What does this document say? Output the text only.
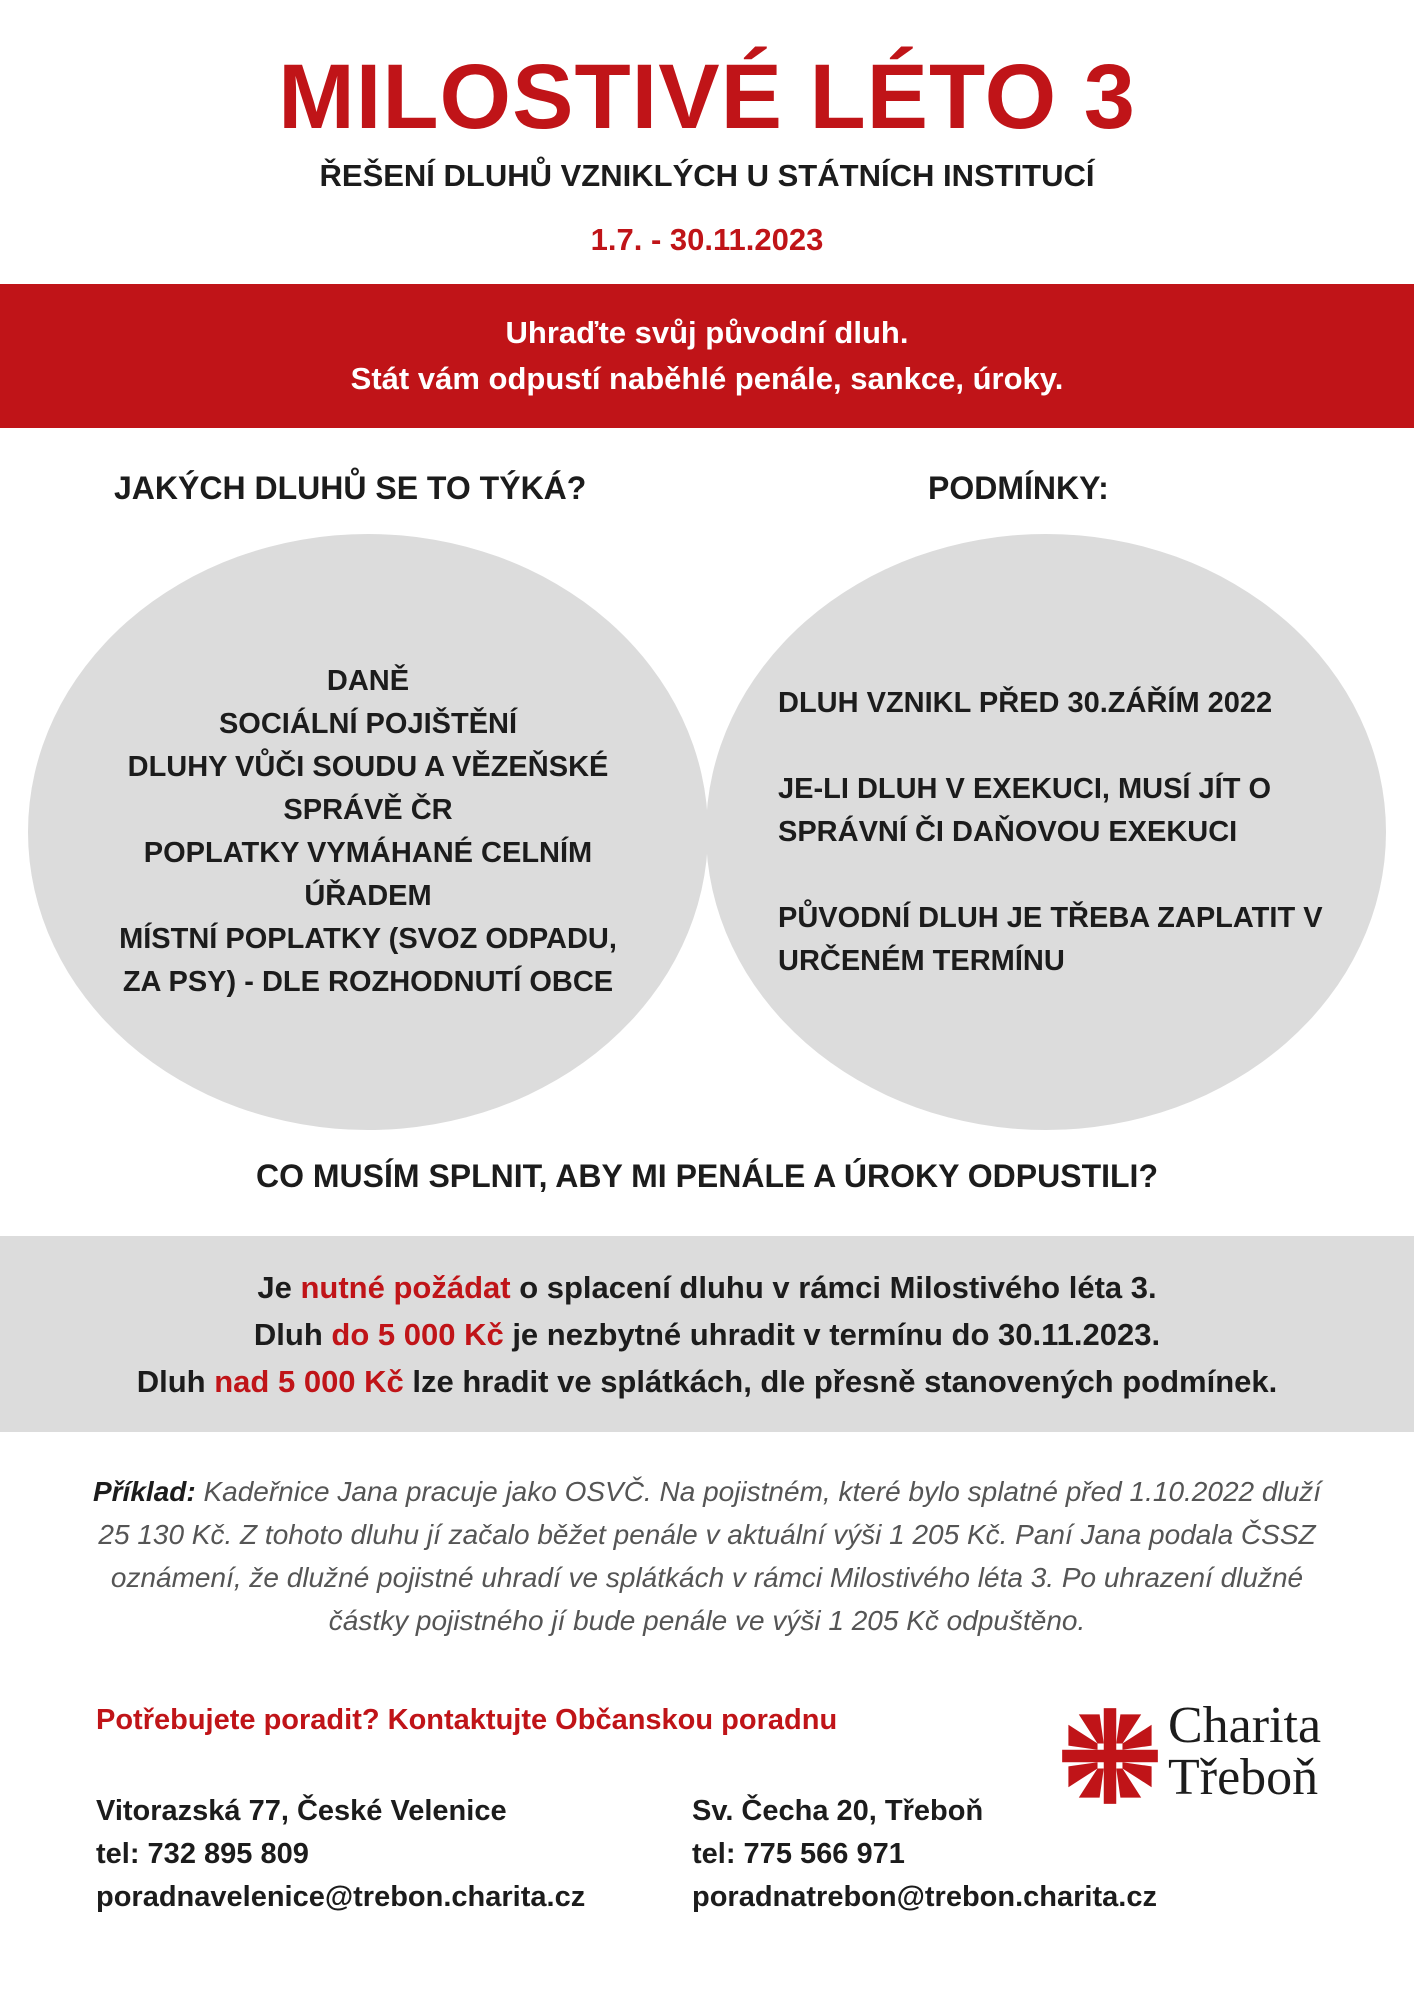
MILOSTIVÉ LÉTO 3
ŘEŠENÍ DLUHŮ VZNIKLÝCH U STÁTNÍCH INSTITUCÍ
1.7. - 30.11.2023
Uhraďte svůj původní dluh.
Stát vám odpustí naběhlé penále, sankce, úroky.
JAKÝCH DLUHŮ SE TO TÝKÁ?	PODMÍNKY:
DANĚ
SOCIÁLNÍ POJIŠTĚNÍ
DLUHY VŮČI SOUDU A VĚZEŇSKÉ SPRÁVĚ ČR
POPLATKY VYMÁHANÉ CELNÍM ÚŘADEM
MÍSTNÍ POPLATKY (SVOZ ODPADU, ZA PSY) - DLE ROZHODNUTÍ OBCE
DLUH VZNIKL PŘED 30.ZÁŘÍM 2022
JE-LI DLUH V EXEKUCI, MUSÍ JÍT O SPRÁVNÍ ČI DAŇOVOU EXEKUCI
PŮVODNÍ DLUH JE TŘEBA ZAPLATIT V URČENÉM TERMÍNU
CO MUSÍM SPLNIT, ABY MI PENÁLE A ÚROKY ODPUSTILI?
Je nutné požádat o splacení dluhu v rámci Milostivého léta 3.
Dluh do 5 000 Kč je nezbytné uhradit v termínu do 30.11.2023.
Dluh nad 5 000 Kč lze hradit ve splátkách, dle přesně stanovených podmínek.
Příklad: Kadeřnice Jana pracuje jako OSVČ. Na pojistném, které bylo splatné před 1.10.2022 dluží 25 130 Kč. Z tohoto dluhu jí začalo běžet penále v aktuální výši 1 205 Kč. Paní Jana podala ČSSZ oznámení, že dlužné pojistné uhradí ve splátkách v rámci Milostivého léta 3. Po uhrazení dlužné částky pojistného jí bude penále ve výši 1 205 Kč odpuštěno.
Potřebujete poradit? Kontaktujte Občanskou poradnu
Vitorazská 77, České Velenice
tel: 732 895 809
poradnavelenice@trebon.charita.cz
Sv. Čecha 20, Třeboň
tel: 775 566 971
poradnatrebon@trebon.charita.cz
Charita
Třeboň
